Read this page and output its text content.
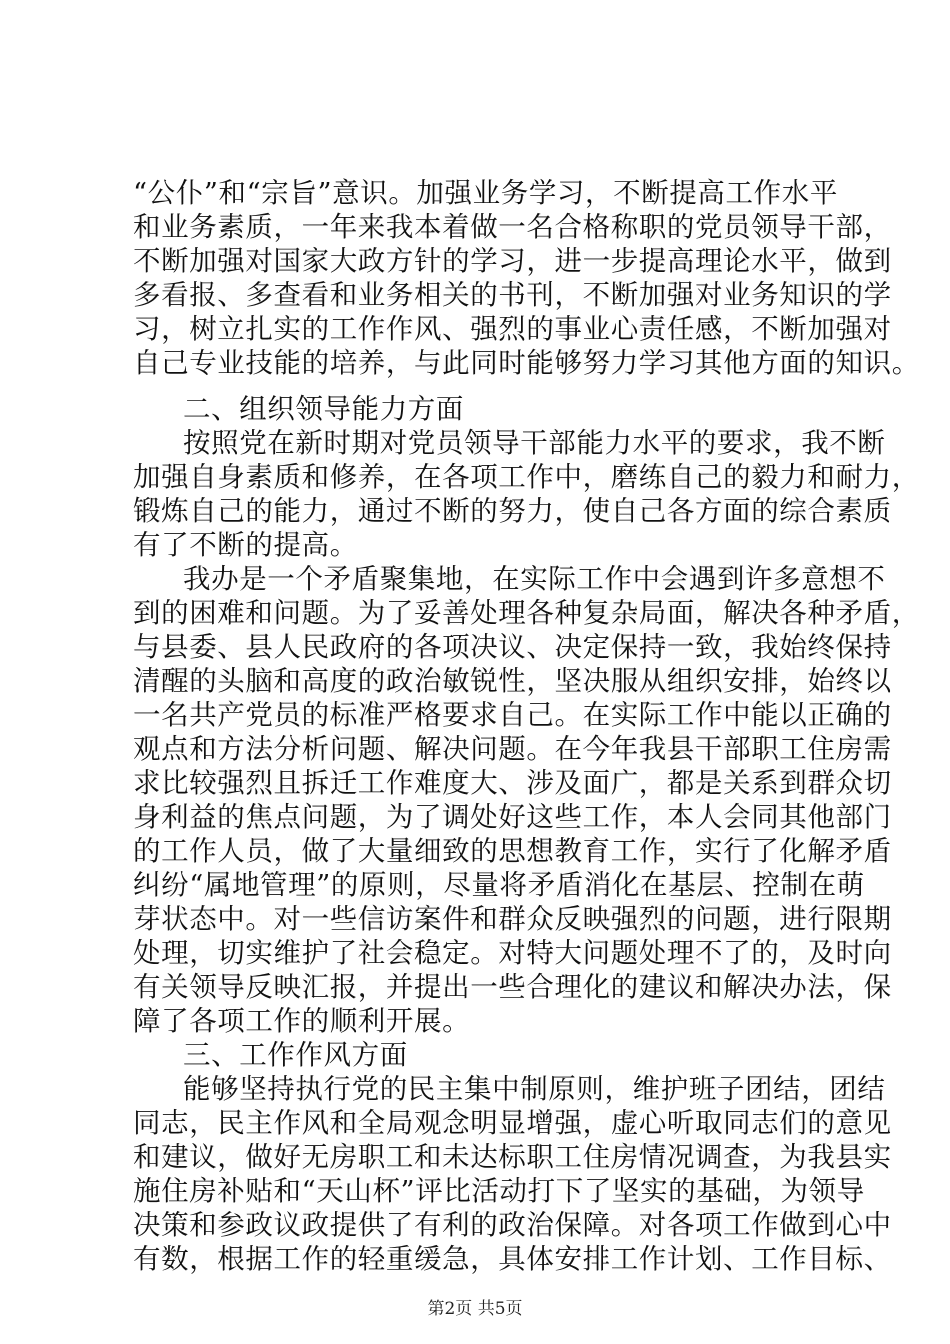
“公仆”和“宗旨”意识。加强业务学习，不断提高工作水平
和业务素质，一年来我本着做一名合格称职的党员领导干部，
不断加强对国家大政方针的学习，进一步提高理论水平，做到
多看报、多查看和业务相关的书刊，不断加强对业务知识的学
习，树立扎实的工作作风、强烈的事业心责任感，不断加强对
自己专业技能的培养，与此同时能够努力学习其他方面的知识。
二、组织领导能力方面
按照党在新时期对党员领导干部能力水平的要求，我不断
加强自身素质和修养，在各项工作中，磨练自己的毅力和耐力，
锻炼自己的能力，通过不断的努力，使自己各方面的综合素质
有了不断的提高。
我办是一个矛盾聚集地，在实际工作中会遇到许多意想不
到的困难和问题。为了妥善处理各种复杂局面，解决各种矛盾，
与县委、县人民政府的各项决议、决定保持一致，我始终保持
清醒的头脑和高度的政治敏锐性，坚决服从组织安排，始终以
一名共产党员的标准严格要求自己。在实际工作中能以正确的
观点和方法分析问题、解决问题。在今年我县干部职工住房需
求比较强烈且拆迁工作难度大、涉及面广，都是关系到群众切
身利益的焦点问题，为了调处好这些工作，本人会同其他部门
的工作人员，做了大量细致的思想教育工作，实行了化解矛盾
纠纷“属地管理”的原则，尽量将矛盾消化在基层、控制在萌
芽状态中。对一些信访案件和群众反映强烈的问题，进行限期
处理，切实维护了社会稳定。对特大问题处理不了的，及时向
有关领导反映汇报，并提出一些合理化的建议和解决办法，保
障了各项工作的顺利开展。
三、工作作风方面
能够坚持执行党的民主集中制原则，维护班子团结，团结
同志，民主作风和全局观念明显增强，虚心听取同志们的意见
和建议，做好无房职工和未达标职工住房情况调查，为我县实
施住房补贴和“天山杯”评比活动打下了坚实的基础，为领导
决策和参政议政提供了有利的政治保障。对各项工作做到心中
有数，根据工作的轻重缓急，具体安排工作计划、工作目标、
第2页 共5页
